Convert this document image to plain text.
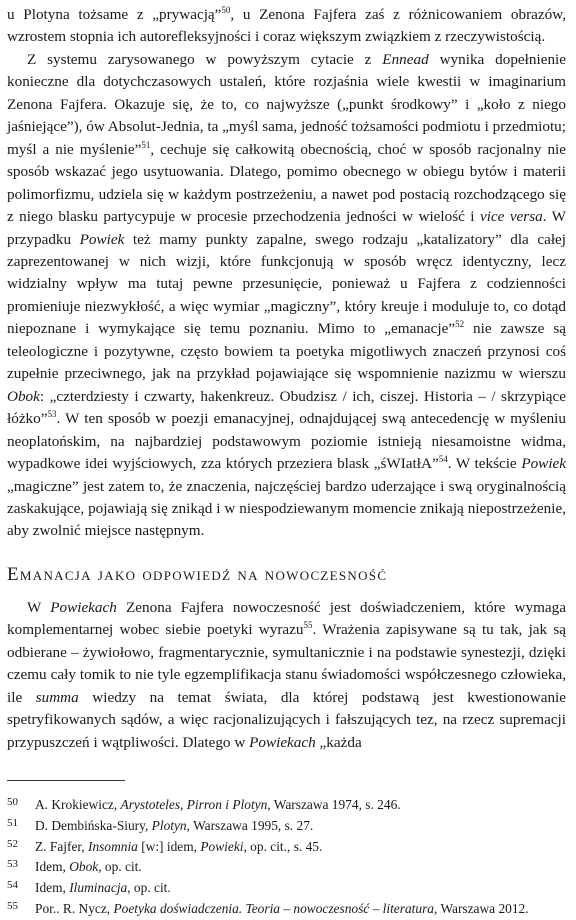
u Plotyna tożsame z „prywacją”$^{50}$, u Zenona Fajfera zaś z różnicowaniem obrazów, wzrostem stopnia ich autorefleksyjności i coraz większym związkiem z rzeczywistością.

Z systemu zarysowanego w powyższym cytacie z Ennead wynika dopełnienie konieczne dla dotychczasowych ustaleń, które rozjaśnia wiele kwestii w imaginarium Zenona Fajfera. Okazuje się, że to, co najwyższe („punkt środkowy” i „koło z niego jaśniejące”), ów Absolut-Jednia, ta „myśl sama, jedność tożsamości podmiotu i przedmiotu; myśl a nie myślenie”$^{51}$, cechuje się całkowitą obecnością, choć w sposób racjonalny nie sposób wskazać jego usytuowania. Dlatego, pomimo obecnego w obiegu bytów i materii polimorfizmu, udziela się w każdym postrzeżeniu, a nawet pod postacią rozchodzącego się z niego blasku partycypuje w procesie przechodzenia jedności w wielość i vice versa. W przypadku Powiek też mamy punkty zapalne, swego rodzaju „katalizatory” dla całej zaprezentowanej w nich wizji, które funkcjonują w sposób wręcz identyczny, lecz widzialny wpływ ma tutaj pewne przesunięcie, ponieważ u Fajfera z codzienności promieniuje niezwykłość, a więc wymiar „magiczny”, który kreuje i moduluje to, co dotąd niepoznane i wymykające się temu poznaniu. Mimo to „emanacje”$^{52}$ nie zawsze są teleologiczne i pozytywne, często bowiem ta poetyka migotliwych znaczeń przynosi coś zupełnie przeciwnego, jak na przykład pojawiające się wspomnienie nazizmu w wierszu Obok: „czterdziesty i czwarty, hakenkreuz. Obudzisz / ich, ciszej. Historia – / skrzypiące łóżko”$^{53}$. W ten sposób w poezji emanacyjnej, odnajdującej swą antecedencję w myśleniu neoplatońskim, na najbardziej podstawowym poziomie istnieją niesamoistne widma, wypadkowe idei wyjściowych, zza których przeziera blask „śWIatłA”$^{54}$. W tekście Powiek „magiczne” jest zatem to, że znaczenia, najczęściej bardzo uderzające i swą oryginalnością zaskakujące, pojawiają się znikąd i w niespodziewanym momencie znikają niepostrzeżenie, aby zwolnić miejsce następnym.

Emanacja jako odpowiedź na nowoczesność

W Powiekach Zenona Fajfera nowoczesność jest doświadczeniem, które wymaga komplementarnej wobec siebie poetyki wyrazu$^{55}$. Wrażenia zapisywane są tu tak, jak są odbierane – żywiołowo, fragmentarycznie, symultanicznie i na podstawie synestezji, dzięki czemu cały tomik to nie tyle egzemplifikacja stanu świadomości współczesnego człowieka, ile summa wiedzy na temat świata, dla której podstawą jest kwestionowanie spetryfikowanych sądów, a więc racjonalizujących i fałszujących tez, na rzecz supremacji przypuszczeń i wątpliwości. Dlatego w Powiekach „każda

50	A. Krokiewicz, Arystoteles, Pirron i Plotyn, Warszawa 1974, s. 246.
51	D. Dembińska-Siury, Plotyn, Warszawa 1995, s. 27.
52	Z. Fajfer, Insomnia [w:] idem, Powieki, op. cit., s. 45.
53	Idem, Obok, op. cit.
54	Idem, Iluminacja, op. cit.
55	Por.. R. Nycz, Poetyka doświadczenia. Teoria – nowoczesność – literatura, Warszawa 2012.
